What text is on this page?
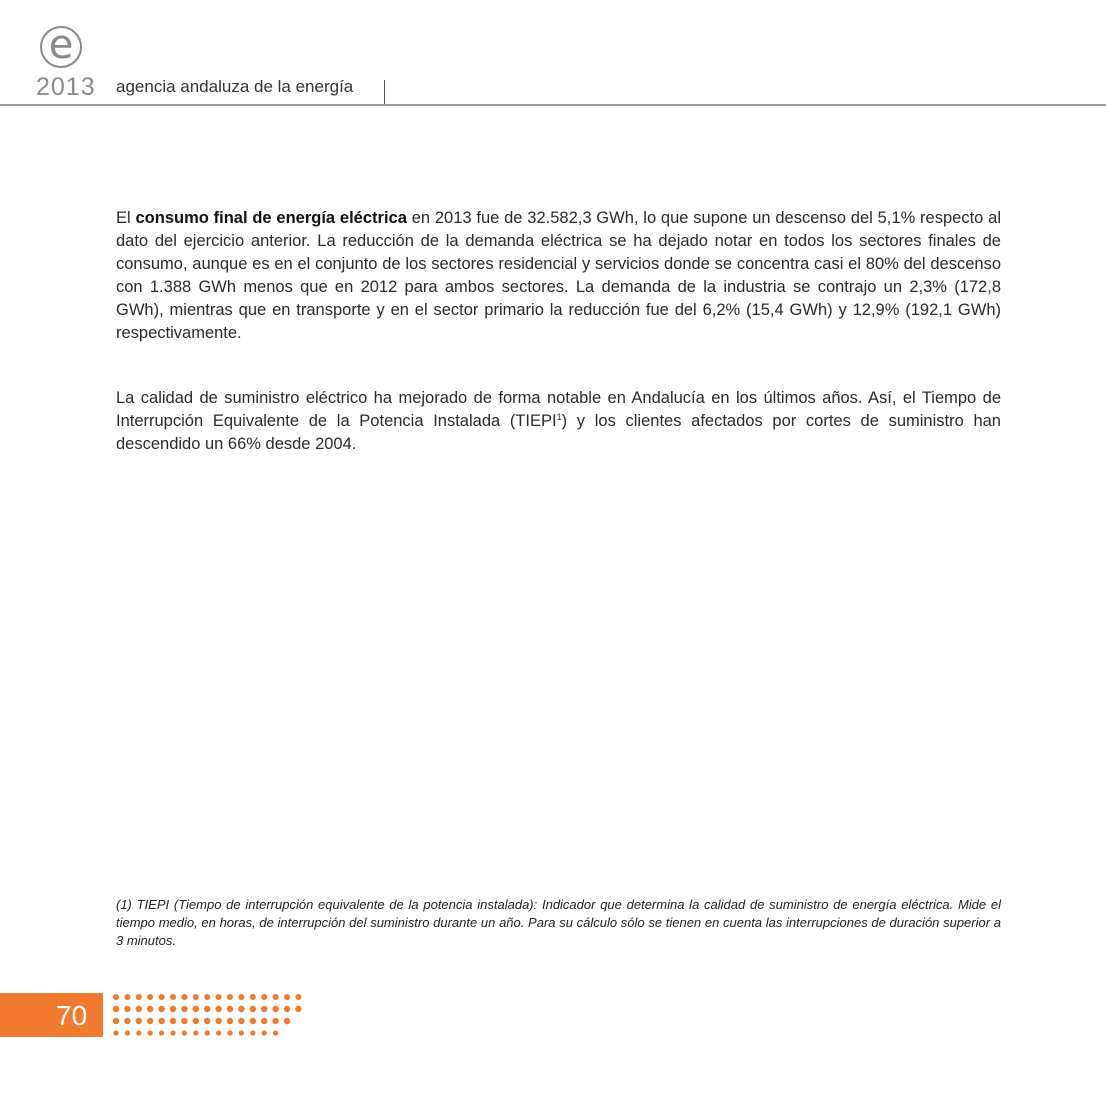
e
2013 agencia andaluza de la energía

El consumo final de energía eléctrica en 2013 fue de 32.582,3 GWh, lo que supone un descenso del 5,1% respecto al dato del ejercicio anterior. La reducción de la demanda eléctrica se ha dejado notar en todos los sectores finales de consumo, aunque es en el conjunto de los sectores residencial y servicios donde se concentra casi el 80% del descenso con 1.388 GWh menos que en 2012 para ambos sectores. La demanda de la industria se contrajo un 2,3% (172,8 GWh), mientras que en transporte y en el sector primario la reducción fue del 6,2% (15,4 GWh) y 12,9% (192,1 GWh) respectivamente.

La calidad de suministro eléctrico ha mejorado de forma notable en Andalucía en los últimos años. Así, el Tiempo de Interrupción Equivalente de la Potencia Instalada (TIEPI$^1$) y los clientes afectados por cortes de suministro han descendido un 66% desde 2004.

(1) TIEPI (Tiempo de interrupción equivalente de la potencia instalada): Indicador que determina la calidad de suministro de energía eléctrica. Mide el tiempo medio, en horas, de interrupción del suministro durante un año. Para su cálculo sólo se tienen en cuenta las interrupciones de duración superior a 3 minutos.

70
